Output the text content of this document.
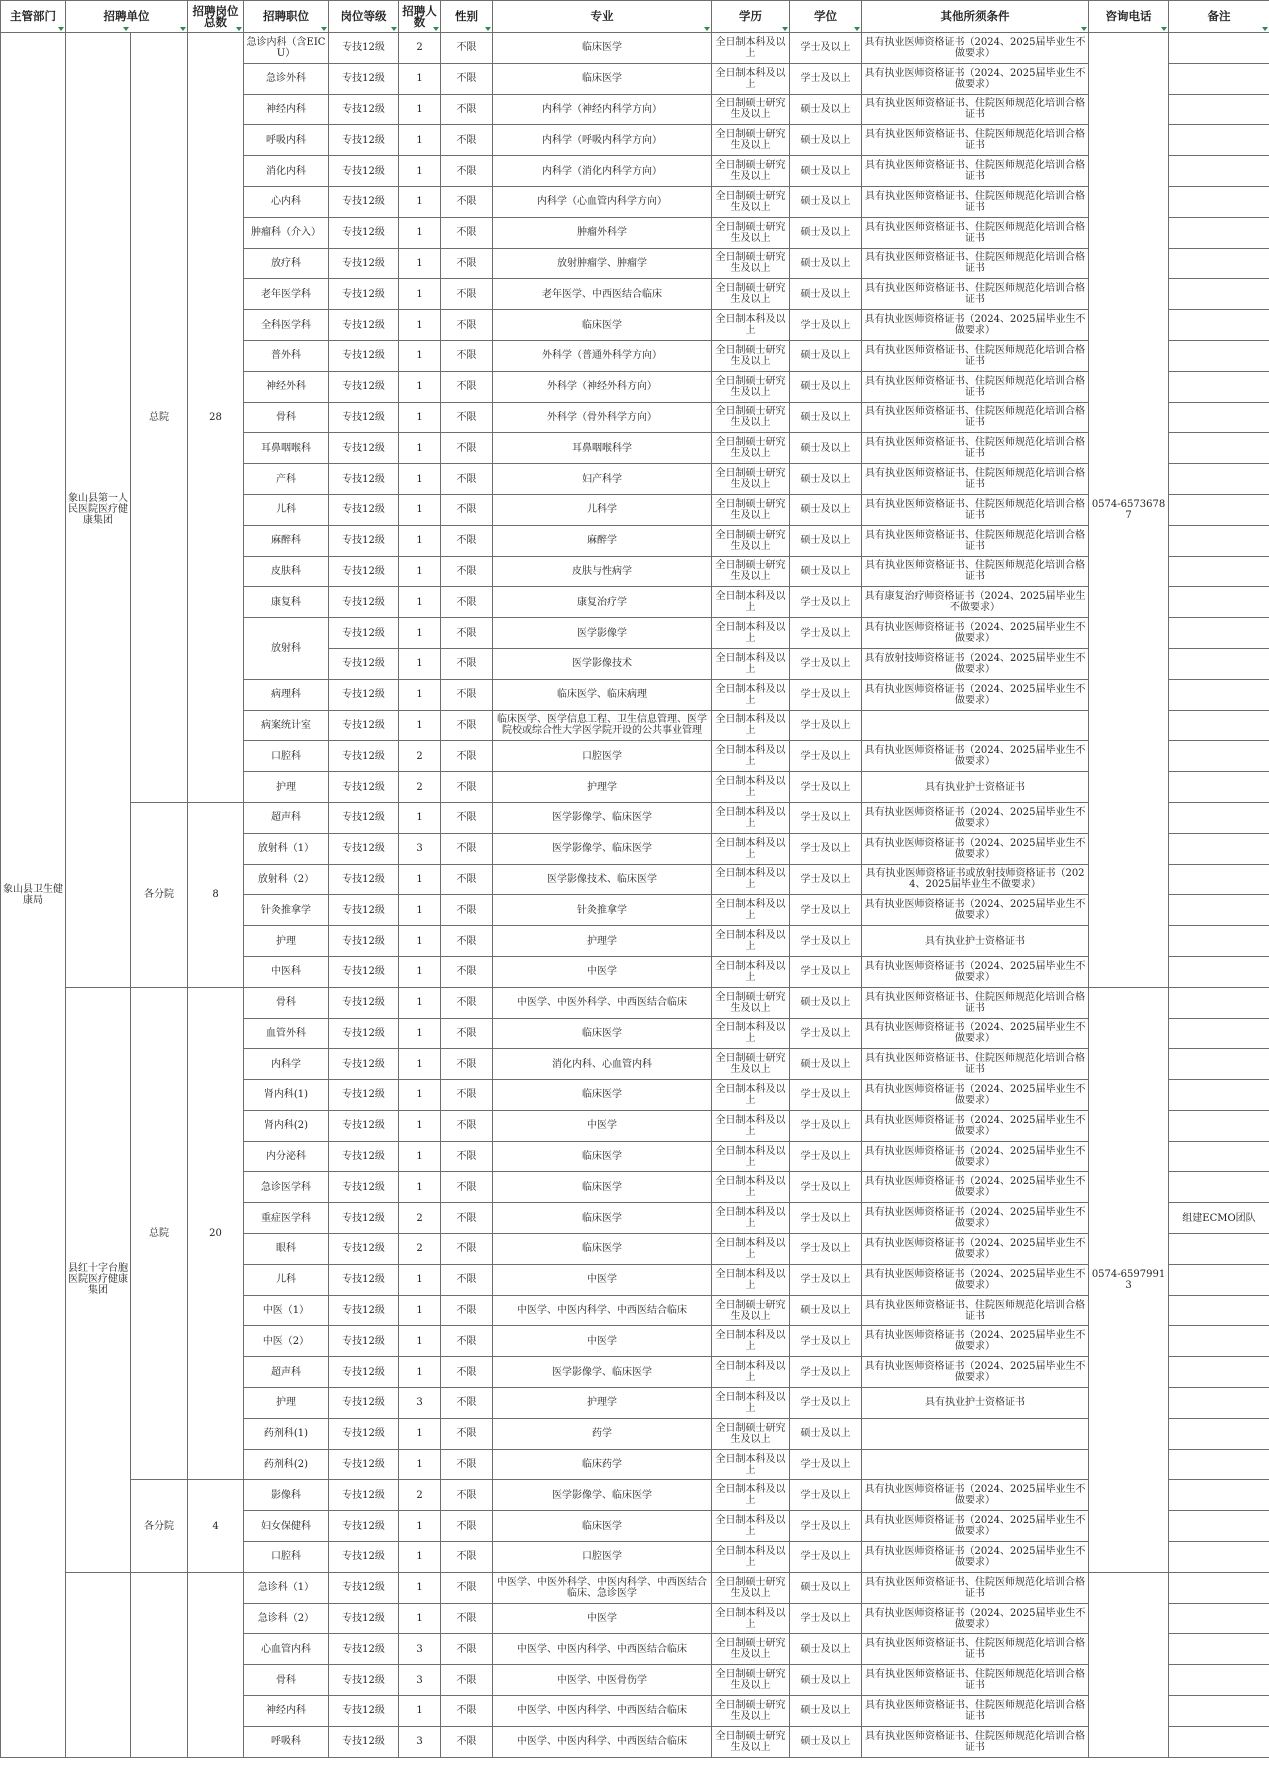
主管部门	招聘单位		招聘岗位总数	招聘职位	岗位等级	招聘人数	性别	专业	学历	学位	其他所须条件	咨询电话	备注

象山县卫生健康局	象山县第一人民医院医疗健康集团	总院	28	急诊内科（含EICU）	专技12级	2	不限	临床医学	全日制本科及以上	学士及以上	具有执业医师资格证书（2024、2025届毕业生不做要求）	0574-65736787	
				急诊外科	专技12级	1	不限	临床医学	全日制本科及以上	学士及以上	具有执业医师资格证书（2024、2025届毕业生不做要求）		
				神经内科	专技12级	1	不限	内科学（神经内科学方向）	全日制硕士研究生及以上	硕士及以上	具有执业医师资格证书、住院医师规范化培训合格证书		
				呼吸内科	专技12级	1	不限	内科学（呼吸内科学方向）	全日制硕士研究生及以上	硕士及以上	具有执业医师资格证书、住院医师规范化培训合格证书		
				消化内科	专技12级	1	不限	内科学（消化内科学方向）	全日制硕士研究生及以上	硕士及以上	具有执业医师资格证书、住院医师规范化培训合格证书		
				心内科	专技12级	1	不限	内科学（心血管内科学方向）	全日制硕士研究生及以上	硕士及以上	具有执业医师资格证书、住院医师规范化培训合格证书		
				肿瘤科（介入）	专技12级	1	不限	肿瘤外科学	全日制硕士研究生及以上	硕士及以上	具有执业医师资格证书、住院医师规范化培训合格证书		
				放疗科	专技12级	1	不限	放射肿瘤学、肿瘤学	全日制硕士研究生及以上	硕士及以上	具有执业医师资格证书、住院医师规范化培训合格证书		
				老年医学科	专技12级	1	不限	老年医学、中西医结合临床	全日制硕士研究生及以上	硕士及以上	具有执业医师资格证书、住院医师规范化培训合格证书		
				全科医学科	专技12级	1	不限	临床医学	全日制本科及以上	学士及以上	具有执业医师资格证书（2024、2025届毕业生不做要求）		
				普外科	专技12级	1	不限	外科学（普通外科学方向）	全日制硕士研究生及以上	硕士及以上	具有执业医师资格证书、住院医师规范化培训合格证书		
				神经外科	专技12级	1	不限	外科学（神经外科方向）	全日制硕士研究生及以上	硕士及以上	具有执业医师资格证书、住院医师规范化培训合格证书		
				骨科	专技12级	1	不限	外科学（骨外科学方向）	全日制硕士研究生及以上	硕士及以上	具有执业医师资格证书、住院医师规范化培训合格证书		
				耳鼻咽喉科	专技12级	1	不限	耳鼻咽喉科学	全日制硕士研究生及以上	硕士及以上	具有执业医师资格证书、住院医师规范化培训合格证书		
				产科	专技12级	1	不限	妇产科学	全日制硕士研究生及以上	硕士及以上	具有执业医师资格证书、住院医师规范化培训合格证书		
				儿科	专技12级	1	不限	儿科学	全日制硕士研究生及以上	硕士及以上	具有执业医师资格证书、住院医师规范化培训合格证书		
				麻醉科	专技12级	1	不限	麻醉学	全日制硕士研究生及以上	硕士及以上	具有执业医师资格证书、住院医师规范化培训合格证书		
				皮肤科	专技12级	1	不限	皮肤与性病学	全日制硕士研究生及以上	硕士及以上	具有执业医师资格证书、住院医师规范化培训合格证书		
				康复科	专技12级	1	不限	康复治疗学	全日制本科及以上	学士及以上	具有康复治疗师资格证书（2024、2025届毕业生不做要求）		
				放射科	专技12级	1	不限	医学影像学	全日制本科及以上	学士及以上	具有执业医师资格证书（2024、2025届毕业生不做要求）		
					专技12级	1	不限	医学影像技术	全日制本科及以上	学士及以上	具有放射技师资格证书（2024、2025届毕业生不做要求）		
				病理科	专技12级	1	不限	临床医学、临床病理	全日制本科及以上	学士及以上	具有执业医师资格证书（2024、2025届毕业生不做要求）		
				病案统计室	专技12级	1	不限	临床医学、医学信息工程、卫生信息管理、医学院校或综合性大学医学院开设的公共事业管理	全日制本科及以上	学士及以上			
				口腔科	专技12级	2	不限	口腔医学	全日制本科及以上	学士及以上	具有执业医师资格证书（2024、2025届毕业生不做要求）		
				护理	专技12级	2	不限	护理学	全日制本科及以上	学士及以上	具有执业护士资格证书		
		各分院	8	超声科	专技12级	1	不限	医学影像学、临床医学	全日制本科及以上	学士及以上	具有执业医师资格证书（2024、2025届毕业生不做要求）		
				放射科（1）	专技12级	3	不限	医学影像学、临床医学	全日制本科及以上	学士及以上	具有执业医师资格证书（2024、2025届毕业生不做要求）		
				放射科（2）	专技12级	1	不限	医学影像技术、临床医学	全日制本科及以上	学士及以上	具有执业医师资格证书或放射技师资格证书（2024、2025届毕业生不做要求）		
				针灸推拿学	专技12级	1	不限	针灸推拿学	全日制本科及以上	学士及以上	具有执业医师资格证书（2024、2025届毕业生不做要求）		
				护理	专技12级	1	不限	护理学	全日制本科及以上	学士及以上	具有执业护士资格证书		
				中医科	专技12级	1	不限	中医学	全日制本科及以上	学士及以上	具有执业医师资格证书（2024、2025届毕业生不做要求）		
	县红十字台胞医院医疗健康集团	总院	20	骨科	专技12级	1	不限	中医学、中医外科学、中西医结合临床	全日制硕士研究生及以上	硕士及以上	具有执业医师资格证书、住院医师规范化培训合格证书	0574-65979913	
				血管外科	专技12级	1	不限	临床医学	全日制本科及以上	学士及以上	具有执业医师资格证书（2024、2025届毕业生不做要求）		
				内科学	专技12级	1	不限	消化内科、心血管内科	全日制硕士研究生及以上	硕士及以上	具有执业医师资格证书、住院医师规范化培训合格证书		
				肾内科(1)	专技12级	1	不限	临床医学	全日制本科及以上	学士及以上	具有执业医师资格证书（2024、2025届毕业生不做要求）		
				肾内科(2)	专技12级	1	不限	中医学	全日制本科及以上	学士及以上	具有执业医师资格证书（2024、2025届毕业生不做要求）		
				内分泌科	专技12级	1	不限	临床医学	全日制本科及以上	学士及以上	具有执业医师资格证书（2024、2025届毕业生不做要求）		
				急诊医学科	专技12级	1	不限	临床医学	全日制本科及以上	学士及以上	具有执业医师资格证书（2024、2025届毕业生不做要求）		
				重症医学科	专技12级	2	不限	临床医学	全日制本科及以上	学士及以上	具有执业医师资格证书（2024、2025届毕业生不做要求）		组建ECMO团队
				眼科	专技12级	2	不限	临床医学	全日制本科及以上	学士及以上	具有执业医师资格证书（2024、2025届毕业生不做要求）		
				儿科	专技12级	1	不限	中医学	全日制本科及以上	学士及以上	具有执业医师资格证书（2024、2025届毕业生不做要求）		
				中医（1）	专技12级	1	不限	中医学、中医内科学、中西医结合临床	全日制硕士研究生及以上	硕士及以上	具有执业医师资格证书、住院医师规范化培训合格证书		
				中医（2）	专技12级	1	不限	中医学	全日制本科及以上	学士及以上	具有执业医师资格证书（2024、2025届毕业生不做要求）		
				超声科	专技12级	1	不限	医学影像学、临床医学	全日制本科及以上	学士及以上	具有执业医师资格证书（2024、2025届毕业生不做要求）		
				护理	专技12级	3	不限	护理学	全日制本科及以上	学士及以上	具有执业护士资格证书		
				药剂科(1)	专技12级	1	不限	药学	全日制硕士研究生及以上	硕士及以上			
				药剂科(2)	专技12级	1	不限	临床药学	全日制本科及以上	学士及以上			
		各分院	4	影像科	专技12级	2	不限	医学影像学、临床医学	全日制本科及以上	学士及以上	具有执业医师资格证书（2024、2025届毕业生不做要求）		
				妇女保健科	专技12级	1	不限	临床医学	全日制本科及以上	学士及以上	具有执业医师资格证书（2024、2025届毕业生不做要求）		
				口腔科	专技12级	1	不限	口腔医学	全日制本科及以上	学士及以上	具有执业医师资格证书（2024、2025届毕业生不做要求）		
				急诊科（1）	专技12级	1	不限	中医学、中医外科学、中医内科学、中西医结合临床、急诊医学	全日制硕士研究生及以上	硕士及以上	具有执业医师资格证书、住院医师规范化培训合格证书		
				急诊科（2）	专技12级	1	不限	中医学	全日制本科及以上	学士及以上	具有执业医师资格证书（2024、2025届毕业生不做要求）		
				心血管内科	专技12级	3	不限	中医学、中医内科学、中西医结合临床	全日制硕士研究生及以上	硕士及以上	具有执业医师资格证书、住院医师规范化培训合格证书		
				骨科	专技12级	3	不限	中医学、中医骨伤学	全日制硕士研究生及以上	硕士及以上	具有执业医师资格证书、住院医师规范化培训合格证书		
				神经内科	专技12级	1	不限	中医学、中医内科学、中西医结合临床	全日制硕士研究生及以上	硕士及以上	具有执业医师资格证书、住院医师规范化培训合格证书		
				呼吸科	专技12级	3	不限	中医学、中医内科学、中西医结合临床	全日制硕士研究生及以上	硕士及以上	具有执业医师资格证书、住院医师规范化培训合格证书		
